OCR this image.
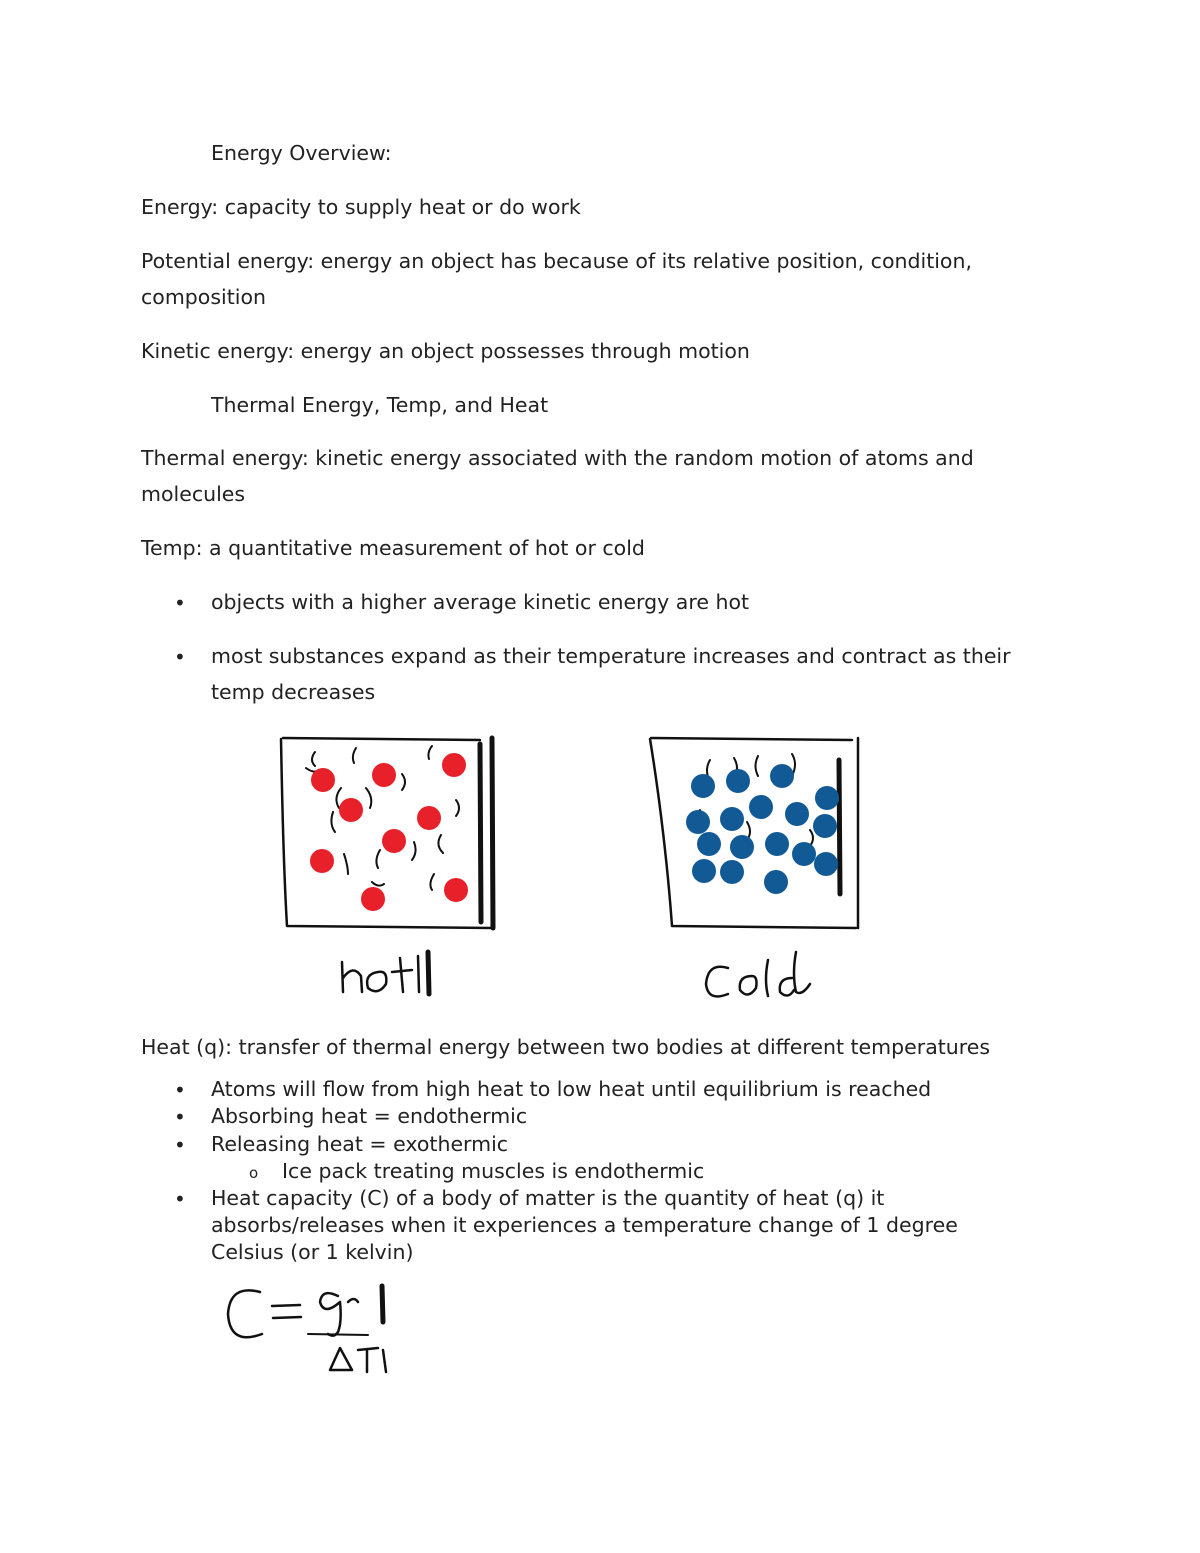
Energy Overview:

Energy: capacity to supply heat or do work

Potential energy: energy an object has because of its relative position, condition,

composition

Kinetic energy: energy an object possesses through motion

Thermal Energy, Temp, and Heat

Thermal energy: kinetic energy associated with the random motion of atoms and

molecules

Temp: a quantitative measurement of hot or cold

• objects with a higher average kinetic energy are hot

• most substances expand as their temperature increases and contract as their

temp decreases

Heat (q): transfer of thermal energy between two bodies at different temperatures

• Atoms will flow from high heat to low heat until equilibrium is reached

• Absorbing heat = endothermic

• Releasing heat = exothermic

o Ice pack treating muscles is endothermic

• Heat capacity (C) of a body of matter is the quantity of heat (q) it

absorbs/releases when it experiences a temperature change of 1 degree

Celsius (or 1 kelvin)
